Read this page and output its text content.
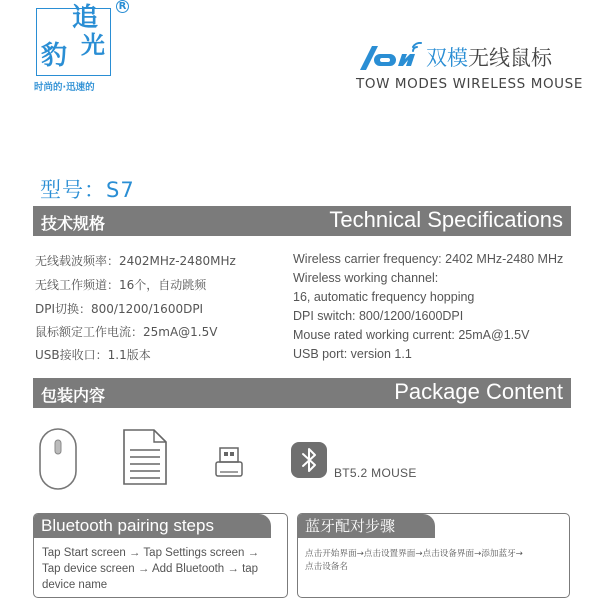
追
光
豹
R
时尚的·迅速的
双模无线鼠标
TOW MODES WIRELESS MOUSE
型号：S7
技术规格	Technical Specifications
无线载波频率：2402MHz-2480MHz
无线工作频道：16个，自动跳频
DPI切换：800/1200/1600DPI
鼠标额定工作电流：25mA@1.5V
USB接收口：1.1版本
Wireless carrier frequency: 2402 MHz-2480 MHz
Wireless working channel:
16, automatic frequency hopping
DPI switch: 800/1200/1600DPI
Mouse rated working current: 25mA@1.5V
USB port: version 1.1
包装内容	Package Content
BT5.2 MOUSE
Bluetooth pairing steps
Tap Start screen → Tap Settings screen →
Tap device screen → Add Bluetooth → tap
device name
蓝牙配对步骤
点击开始界面→点击设置界面→点击设备界面→添加蓝牙→
点击设备名
